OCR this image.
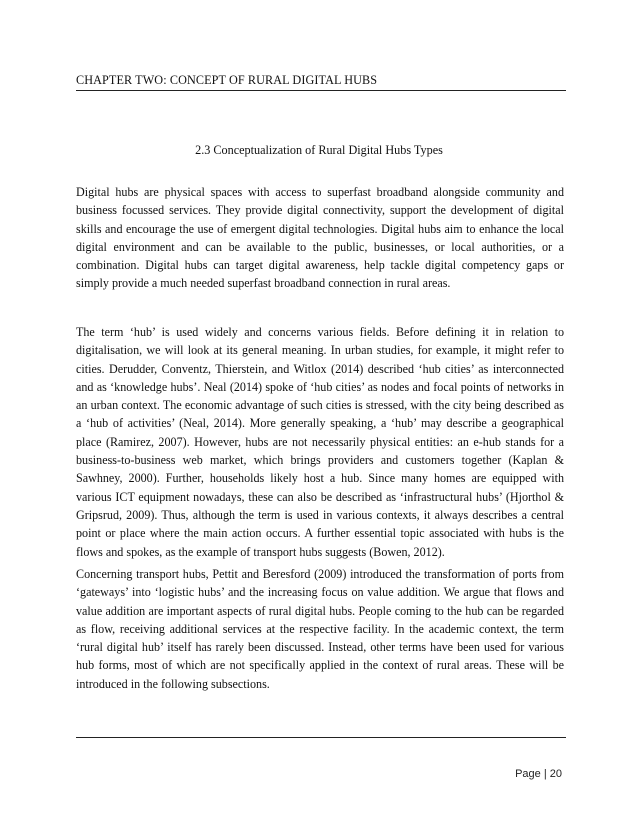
CHAPTER TWO: CONCEPT OF RURAL DIGITAL HUBS
2.3 Conceptualization of Rural Digital Hubs Types

Digital hubs are physical spaces with access to superfast broadband alongside community and business focussed services. They provide digital connectivity, support the development of digital skills and encourage the use of emergent digital technologies. Digital hubs aim to enhance the local digital environment and can be available to the public, businesses, or local authorities, or a combination. Digital hubs can target digital awareness, help tackle digital competency gaps or simply provide a much needed superfast broadband connection in rural areas.

The term ‘hub’ is used widely and concerns various fields. Before defining it in relation to digitalisation, we will look at its general meaning. In urban studies, for example, it might refer to cities. Derudder, Conventz, Thierstein, and Witlox (2014) described ‘hub cities’ as interconnected and as ‘knowledge hubs’. Neal (2014) spoke of ‘hub cities’ as nodes and focal points of networks in an urban context. The economic advantage of such cities is stressed, with the city being described as a ‘hub of activities’ (Neal, 2014). More generally speaking, a ‘hub’ may describe a geographical place (Ramirez, 2007). However, hubs are not necessarily physical entities: an e-hub stands for a business-to-business web market, which brings providers and customers together (Kaplan & Sawhney, 2000). Further, households likely host a hub. Since many homes are equipped with various ICT equipment nowadays, these can also be described as ‘infrastructural hubs’ (Hjorthol & Gripsrud, 2009). Thus, although the term is used in various contexts, it always describes a central point or place where the main action occurs. A further essential topic associated with hubs is the flows and spokes, as the example of transport hubs suggests (Bowen, 2012).

Concerning transport hubs, Pettit and Beresford (2009) introduced the transformation of ports from ‘gateways’ into ‘logistic hubs’ and the increasing focus on value addition. We argue that flows and value addition are important aspects of rural digital hubs. People coming to the hub can be regarded as flow, receiving additional services at the respective facility. In the academic context, the term ‘rural digital hub’ itself has rarely been discussed. Instead, other terms have been used for various hub forms, most of which are not specifically applied in the context of rural areas. These will be introduced in the following subsections.

Page | 20
